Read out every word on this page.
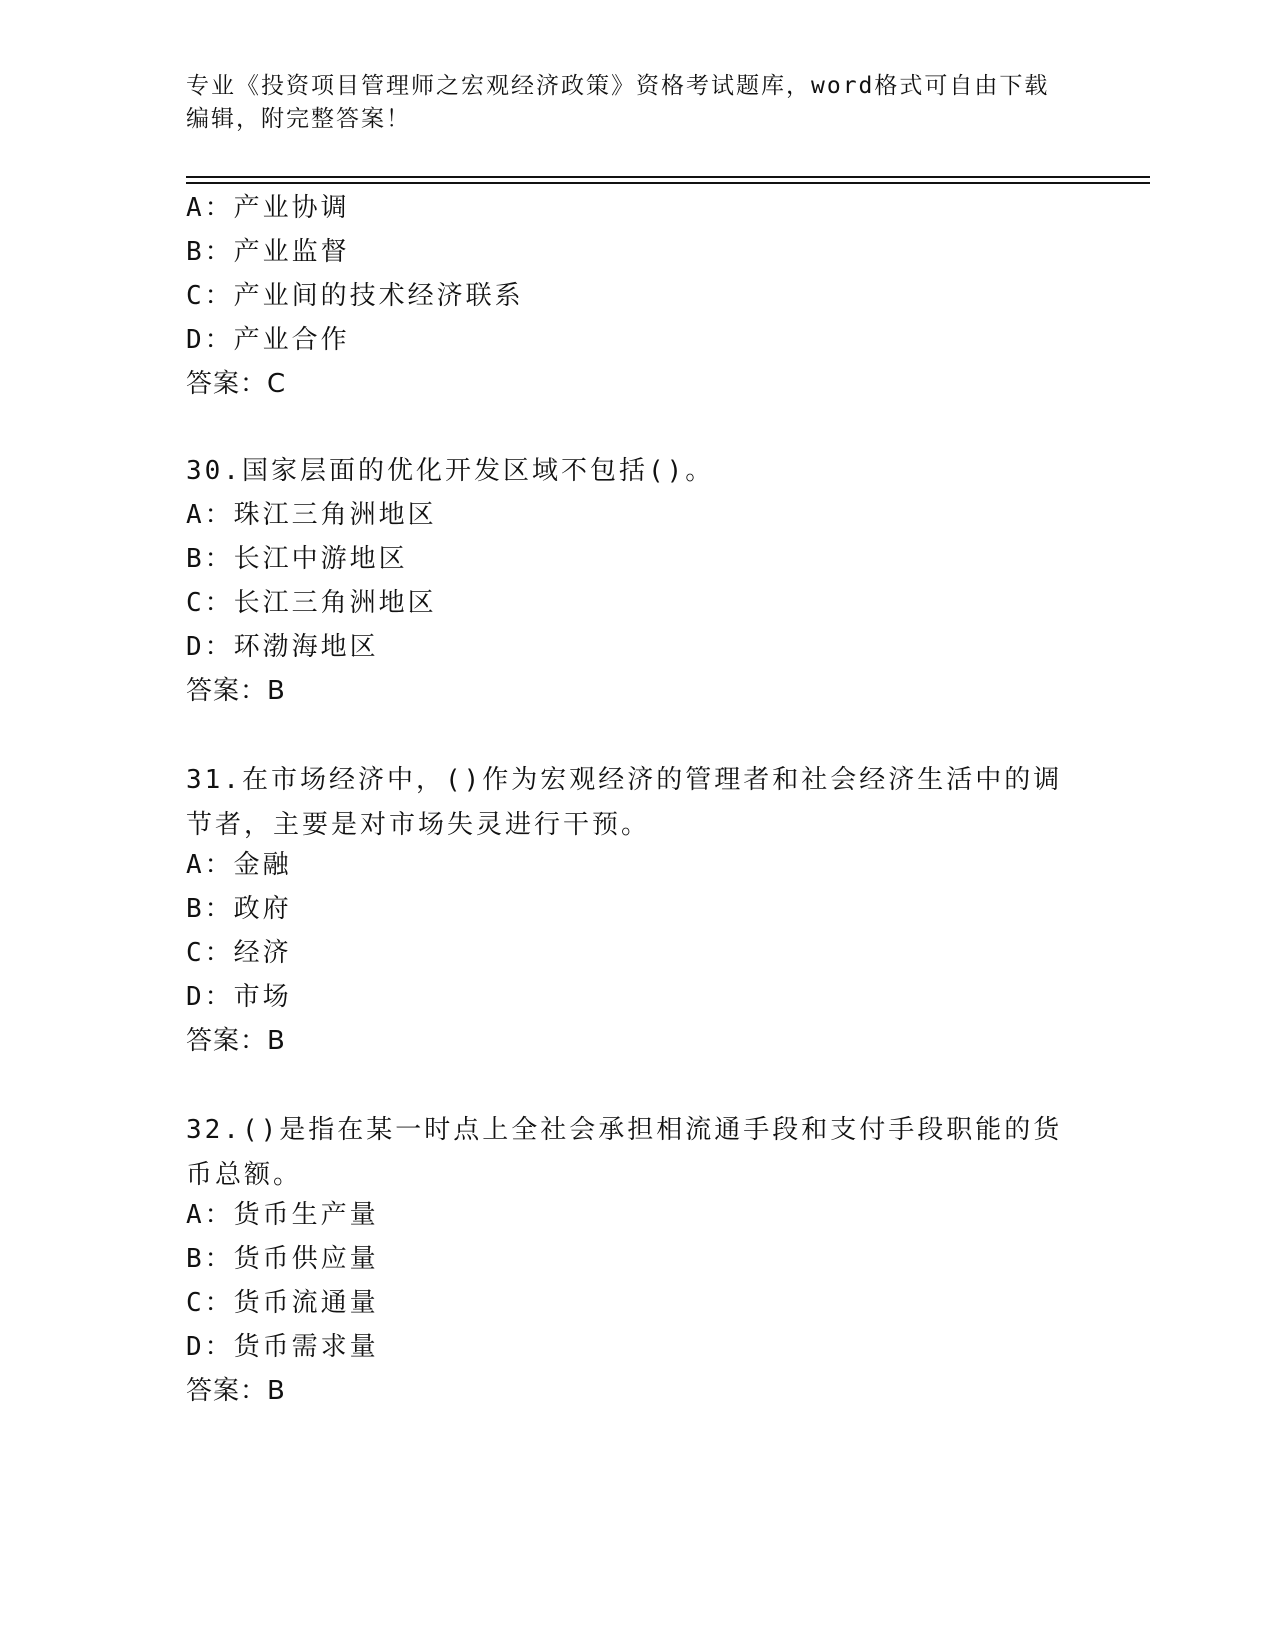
专业《投资项目管理师之宏观经济政策》资格考试题库，word格式可自由下载编辑，附完整答案！
A：产业协调
B：产业监督
C：产业间的技术经济联系
D：产业合作
答案：C
30.国家层面的优化开发区域不包括()。
A：珠江三角洲地区
B：长江中游地区
C：长江三角洲地区
D：环渤海地区
答案：B
31.在市场经济中，()作为宏观经济的管理者和社会经济生活中的调节者，主要是对市场失灵进行干预。
A：金融
B：政府
C：经济
D：市场
答案：B
32.()是指在某一时点上全社会承担相流通手段和支付手段职能的货币总额。
A：货币生产量
B：货币供应量
C：货币流通量
D：货币需求量
答案：B
